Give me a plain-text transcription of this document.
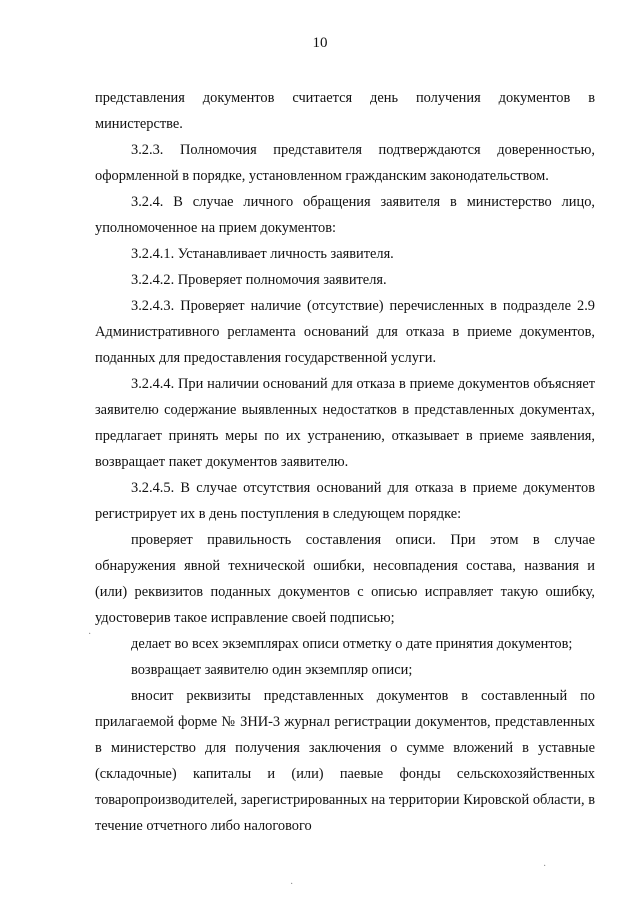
10

представления документов считается день получения документов в министерстве.

3.2.3. Полномочия представителя подтверждаются доверенностью, оформленной в порядке, установленном гражданским законодательством.

3.2.4. В случае личного обращения заявителя в министерство лицо, уполномоченное на прием документов:

3.2.4.1. Устанавливает личность заявителя.

3.2.4.2. Проверяет полномочия заявителя.

3.2.4.3. Проверяет наличие (отсутствие) перечисленных в подразделе 2.9 Административного регламента оснований для отказа в приеме документов, поданных для предоставления государственной услуги.

3.2.4.4. При наличии оснований для отказа в приеме документов объясняет заявителю содержание выявленных недостатков в представленных документах, предлагает принять меры по их устранению, отказывает в приеме заявления, возвращает пакет документов заявителю.

3.2.4.5. В случае отсутствия оснований для отказа в приеме документов регистрирует их в день поступления в следующем порядке:

проверяет правильность составления описи. При этом в случае обнаружения явной технической ошибки, несовпадения состава, названия и (или) реквизитов поданных документов с описью исправляет такую ошибку, удостоверив такое исправление своей подписью;

делает во всех экземплярах описи отметку о дате принятия документов;

возвращает заявителю один экземпляр описи;

вносит реквизиты представленных документов в составленный по прилагаемой форме № ЗНИ-3 журнал регистрации документов, представленных в министерство для получения заключения о сумме вложений в уставные (складочные) капиталы и (или) паевые фонды сельскохозяйственных товаропроизводителей, зарегистрированных на территории Кировской области, в течение отчетного либо налогового

·
·
·
